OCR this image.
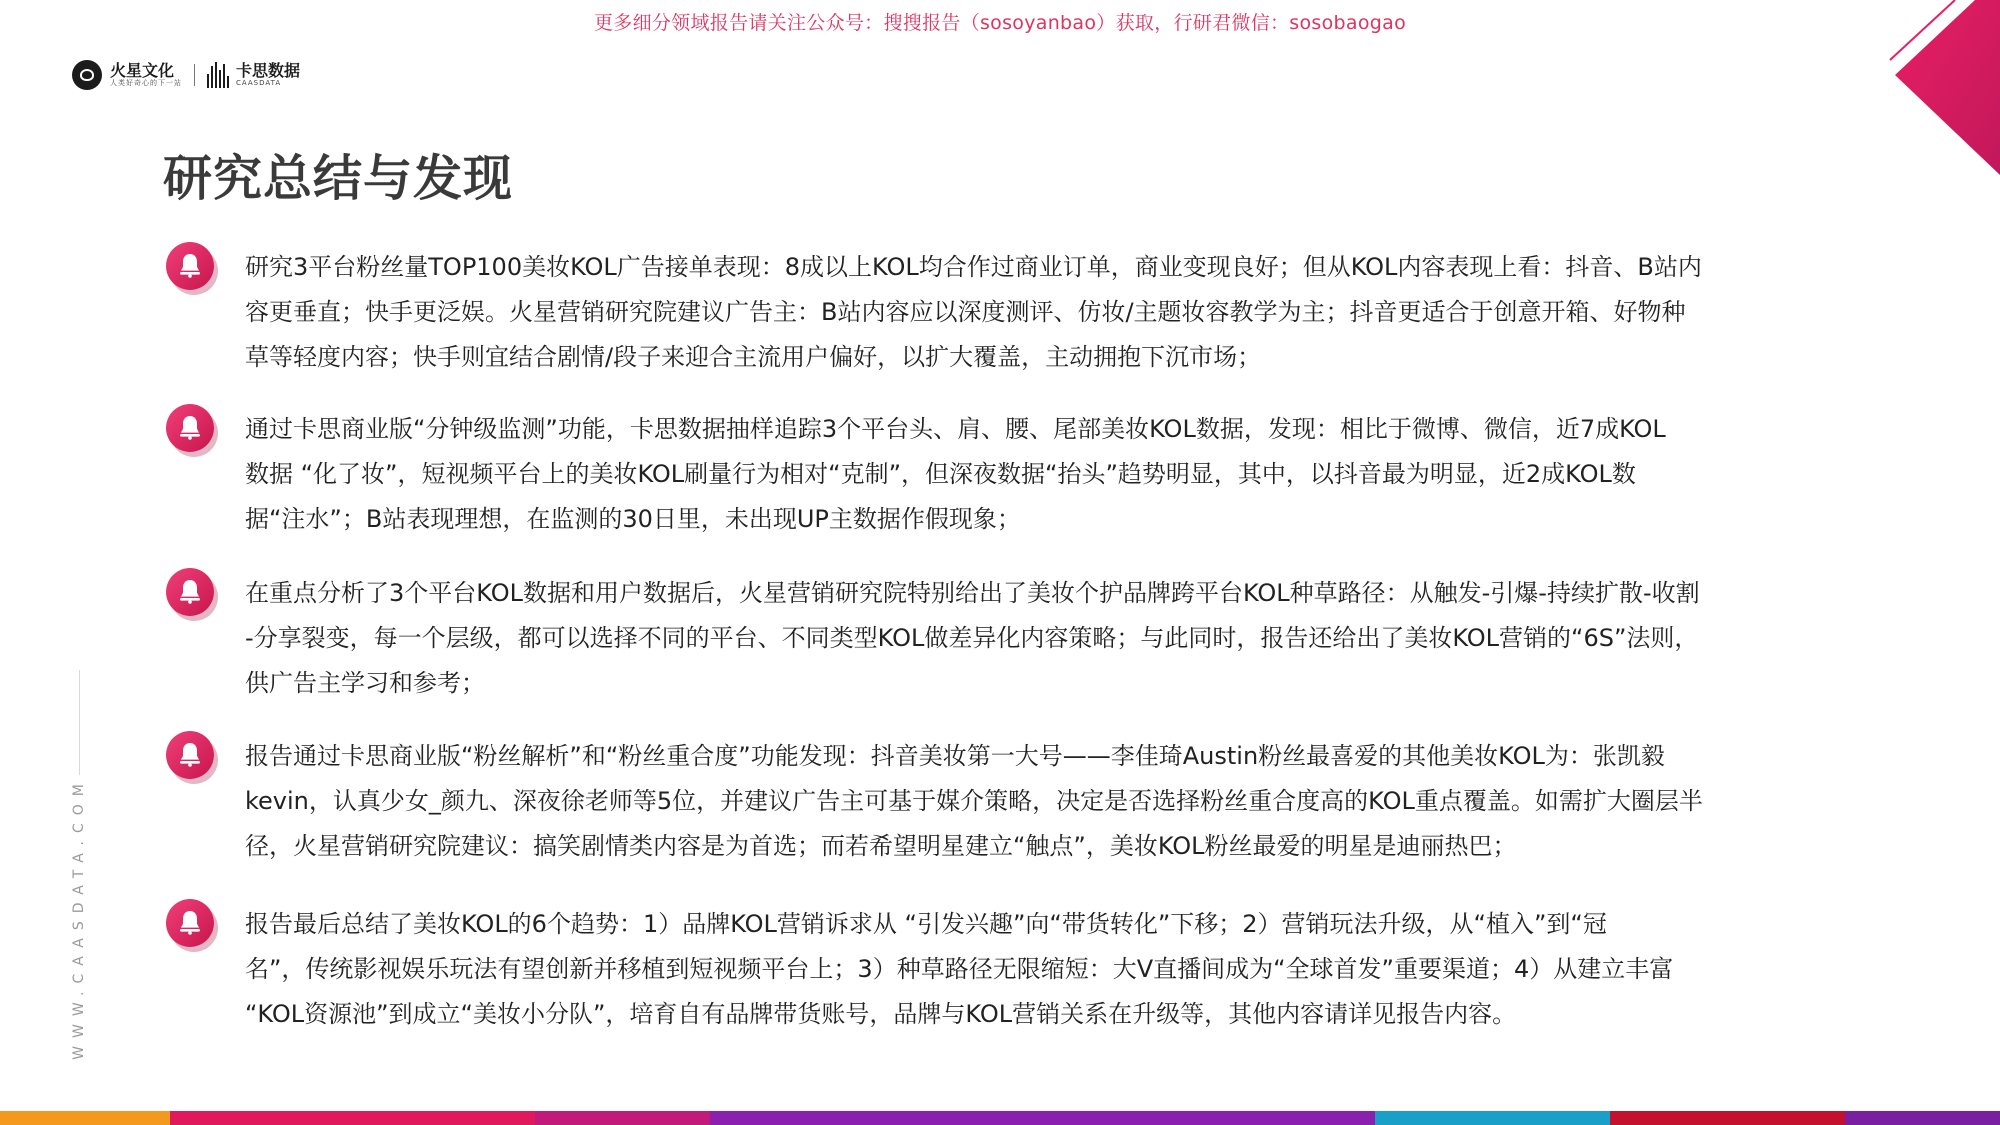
更多细分领域报告请关注公众号：搜搜报告（sosoyanbao）获取，行研君微信：sosobaogao
火星文化
人类好奇心的下一站
卡思数据
CAASDATA
研究总结与发现

研究3平台粉丝量TOP100美妆KOL广告接单表现：8成以上KOL均合作过商业订单，商业变现良好；但从KOL内容表现上看：抖音、B站内
容更垂直；快手更泛娱。火星营销研究院建议广告主：B站内容应以深度测评、仿妆/主题妆容教学为主；抖音更适合于创意开箱、好物种
草等轻度内容；快手则宜结合剧情/段子来迎合主流用户偏好，以扩大覆盖，主动拥抱下沉市场；

通过卡思商业版“分钟级监测”功能，卡思数据抽样追踪3个平台头、肩、腰、尾部美妆KOL数据，发现：相比于微博、微信，近7成KOL
数据 “化了妆”，短视频平台上的美妆KOL刷量行为相对“克制”，但深夜数据“抬头”趋势明显，其中，以抖音最为明显，近2成KOL数
据“注水”；B站表现理想，在监测的30日里，未出现UP主数据作假现象；

在重点分析了3个平台KOL数据和用户数据后，火星营销研究院特别给出了美妆个护品牌跨平台KOL种草路径：从触发-引爆-持续扩散-收割
-分享裂变，每一个层级，都可以选择不同的平台、不同类型KOL做差异化内容策略；与此同时，报告还给出了美妆KOL营销的“6S”法则，
供广告主学习和参考；

报告通过卡思商业版“粉丝解析”和“粉丝重合度”功能发现：抖音美妆第一大号——李佳琦Austin粉丝最喜爱的其他美妆KOL为：张凯毅
kevin，认真少女_颜九、深夜徐老师等5位，并建议广告主可基于媒介策略，决定是否选择粉丝重合度高的KOL重点覆盖。如需扩大圈层半
径，火星营销研究院建议：搞笑剧情类内容是为首选；而若希望明星建立“触点”，美妆KOL粉丝最爱的明星是迪丽热巴；

报告最后总结了美妆KOL的6个趋势：1）品牌KOL营销诉求从 “引发兴趣”向“带货转化”下移；2）营销玩法升级，从“植入”到“冠
名”，传统影视娱乐玩法有望创新并移植到短视频平台上；3）种草路径无限缩短：大V直播间成为“全球首发”重要渠道；4）从建立丰富
“KOL资源池”到成立“美妆小分队”，培育自有品牌带货账号，品牌与KOL营销关系在升级等，其他内容请详见报告内容。

WWW.CAASDATA.COM
